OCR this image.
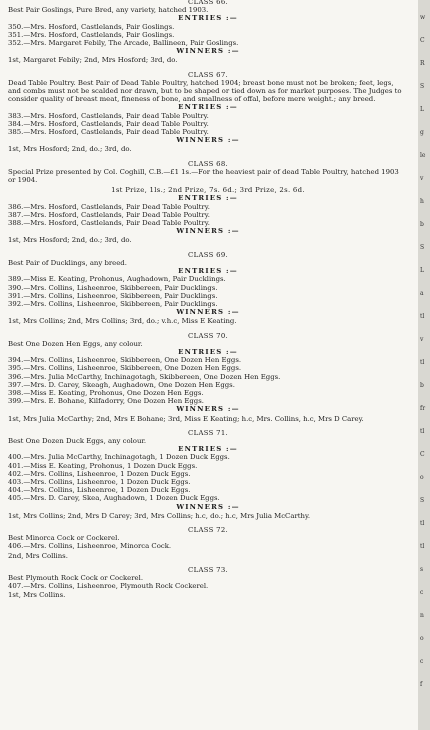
CLASS 66.

Best Pair Goslings, Pure Bred, any variety, hatched 1903.

ENTRIES :—
350.—Mrs. Hosford, Castlelands, Pair Goslings.
351.—Mrs. Hosford, Castlelands, Pair Goslings.
352.—Mrs. Margaret Febily, The Arcade, Ballineen, Pair Goslings.
WINNERS :—
1st, Margaret Febily; 2nd, Mrs Hosford; 3rd, do.
CLASS 67.

Dead Table Poultry. Best Pair of Dead Table Poultry, hatched 1904; breast bone must not be broken; feet, legs, and combs must not be scalded nor drawn, but to be shaped or tied down as for market purposes. The Judges to consider quality of breast meat, fineness of bone, and smallness of offal, before mere weight.; any breed.

ENTRIES :—
383.—Mrs. Hosford, Castlelands, Pair dead Table Poultry.
384.—Mrs. Hosford, Castlelands, Pair dead Table Poultry.
385.—Mrs. Hosford, Castlelands, Pair dead Table Poultry.
WINNERS :—
1st, Mrs Hosford; 2nd, do.; 3rd, do.
CLASS 68.

Special Prize presented by Col. Coghill, C.B.—£1 1s.—For the heaviest pair of dead Table Poultry, hatched 1903 or 1904.

1st Prize, 1ls.; 2nd Prize, 7s. 6d.; 3rd Prize, 2s. 6d.
ENTRIES :—
386.—Mrs. Hosford, Castlelands, Pair Dead Table Poultry.
387.—Mrs. Hosford, Castlelands, Pair Dead Table Poultry.
388.—Mrs. Hosford, Castlelands, Pair Dead Table Poultry.
WINNERS :—
1st, Mrs Hosford; 2nd, do.; 3rd, do.
CLASS 69.

Best Pair of Ducklings, any breed.

ENTRIES :—
389.—Miss E. Keating, Prohonus, Aughadown, Pair Ducklings.
390.—Mrs. Collins, Lisheenroe, Skibbereen, Pair Ducklings.
391.—Mrs. Collins, Lisheenroe, Skibbereen, Pair Ducklings.
392.—Mrs. Collins, Lisheenroe, Skibbereen, Pair Ducklings.
WINNERS :—
1st, Mrs Collins; 2nd, Mrs Collins; 3rd, do.; v.h.c, Miss E Keating.
CLASS 70.

Best One Dozen Hen Eggs, any colour.

ENTRIES :—
394.—Mrs. Collins, Lisheenroe, Skibbereen, One Dozen Hen Eggs.
395.—Mrs. Collins, Lisheenroe, Skibbereen, One Dozen Hen Eggs.
396.—Mrs. Julia McCarthy, Inchinagotagh, Skibbereen, One Dozen Hen Eggs.
397.—Mrs. D. Carey, Skeagh, Aughadown, One Dozen Hen Eggs.
398.—Miss E. Keating, Prohonus, One Dozen Hen Eggs.
399.—Mrs. E. Bohane, Kilfadorry, One Dozen Hen Eggs.
WINNERS :—
1st, Mrs Julia McCarthy; 2nd, Mrs E Bohane; 3rd, Miss E Keating; h.c, Mrs. Collins, h.c, Mrs D Carey.
CLASS 71.

Best One Dozen Duck Eggs, any colour.

ENTRIES :—
400.—Mrs. Julia McCarthy, Inchinagotagh, 1 Dozen Duck Eggs.
401.—Miss E. Keating, Prohonus, 1 Dozen Duck Eggs.
402.—Mrs. Collins, Lisheenroe, 1 Dozen Duck Eggs.
403.—Mrs. Collins, Lisheenroe, 1 Dozen Duck Eggs.
404.—Mrs. Collins, Lisheenroe, 1 Dozen Duck Eggs.
405.—Mrs. D. Carey, Skea, Aughadown, 1 Dozen Duck Eggs.
WINNERS :—
1st, Mrs Collins; 2nd, Mrs D Carey; 3rd, Mrs Collins; h.c, do.; h.c, Mrs Julia McCarthy.
CLASS 72.

Best Minorca Cock or Cockerel.

406.—Mrs. Collins, Lisheenroe, Minorca Cock.
2nd, Mrs Collins.
CLASS 73.

Best Plymouth Rock Cock or Cockerel.

407.—Mrs. Collins, Lisheenroe, Plymouth Rock Cockerel.
1st, Mrs Collins.
w
C
R
S
L
g
le
v
h
b
S
L
a
tl
v
tl
b
fr
tl
C
o
S
tl
tl
s
c
n
o
c
f
